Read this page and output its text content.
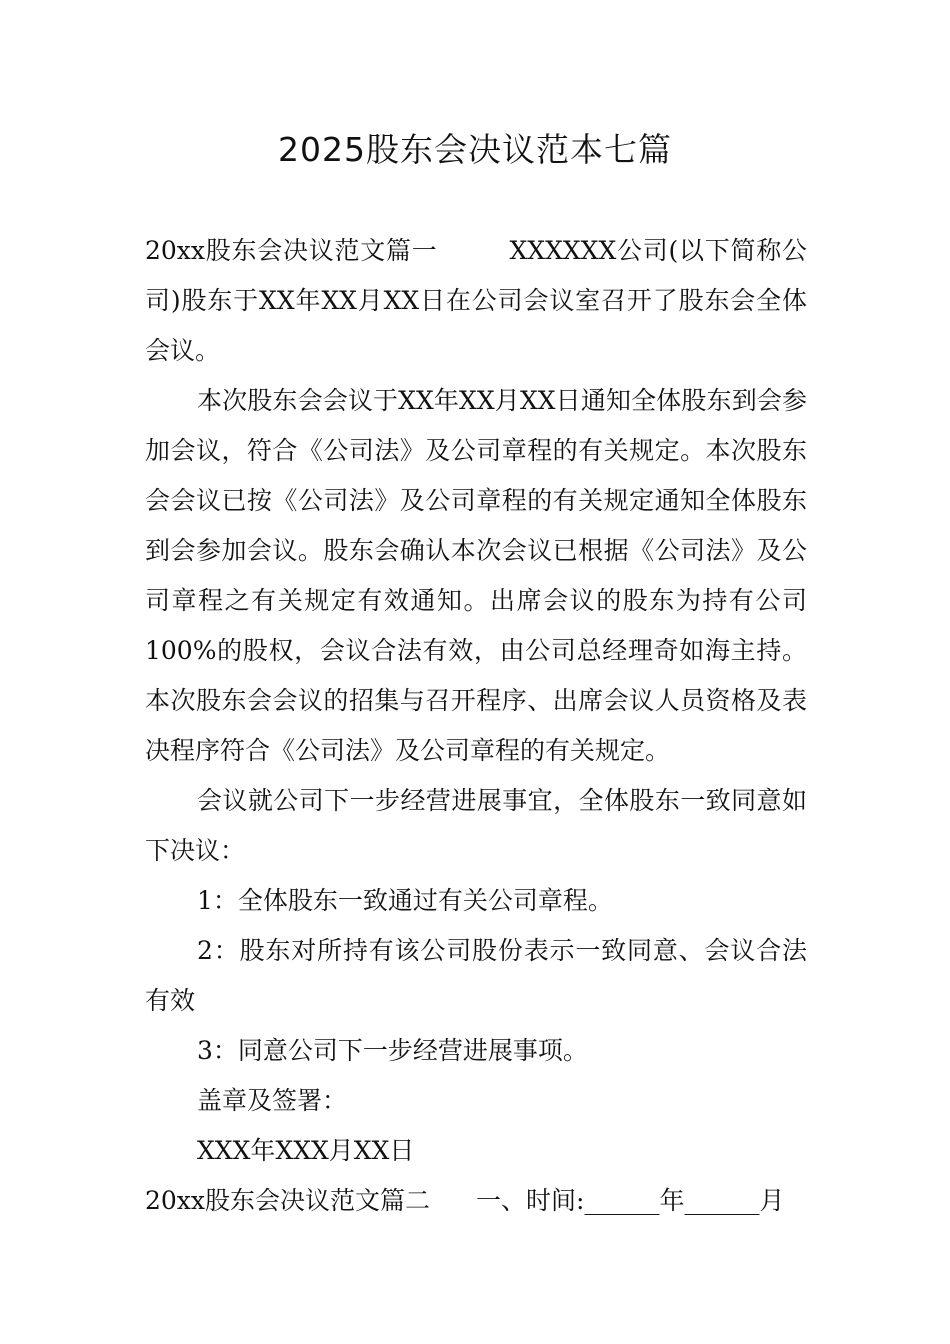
2025股东会决议范本七篇

20xx股东会决议范文篇一	XXXXXX公司(以下简称公司)股东于XX年XX月XX日在公司会议室召开了股东会全体会议。

本次股东会会议于XX年XX月XX日通知全体股东到会参加会议，符合《公司法》及公司章程的有关规定。本次股东会会议已按《公司法》及公司章程的有关规定通知全体股东到会参加会议。股东会确认本次会议已根据《公司法》及公司章程之有关规定有效通知。出席会议的股东为持有公司100%的股权，会议合法有效，由公司总经理奇如海主持。本次股东会会议的招集与召开程序、出席会议人员资格及表决程序符合《公司法》及公司章程的有关规定。

会议就公司下一步经营进展事宜，全体股东一致同意如下决议：

1：全体股东一致通过有关公司章程。

2：股东对所持有该公司股份表示一致同意、会议合法有效

3：同意公司下一步经营进展事项。

盖章及签署：

XXX年XXX月XX日

20xx股东会决议范文篇二 一、时间:______年______月
